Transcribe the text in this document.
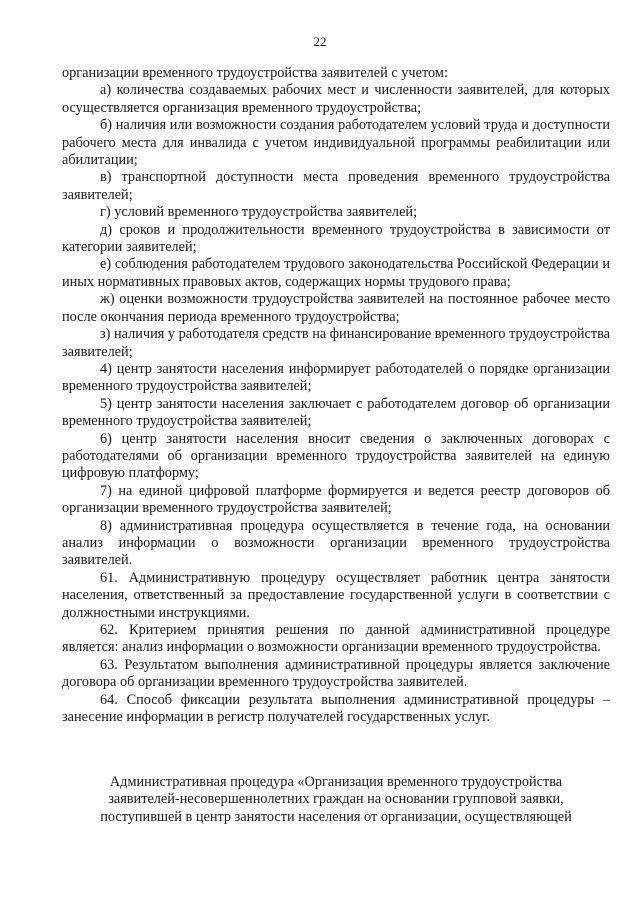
22

организации временного трудоустройства заявителей с учетом:

а) количества создаваемых рабочих мест и численности заявителей, для которых осуществляется организация временного трудоустройства;

б) наличия или возможности создания работодателем условий труда и доступности рабочего места для инвалида с учетом индивидуальной программы реабилитации или абилитации;

в) транспортной доступности места проведения временного трудоустройства заявителей;

г) условий временного трудоустройства заявителей;

д) сроков и продолжительности временного трудоустройства в зависимости от категории заявителей;

е) соблюдения работодателем трудового законодательства Российской Федерации и иных нормативных правовых актов, содержащих нормы трудового права;

ж) оценки возможности трудоустройства заявителей на постоянное рабочее место после окончания периода временного трудоустройства;

з) наличия у работодателя средств на финансирование временного трудоустройства заявителей;

4) центр занятости населения информирует работодателей о порядке организации временного трудоустройства заявителей;

5) центр занятости населения заключает с работодателем договор об организации временного трудоустройства заявителей;

6) центр занятости населения вносит сведения о заключенных договорах с работодателями об организации временного трудоустройства заявителей на единую цифровую платформу;

7) на единой цифровой платформе формируется и ведется реестр договоров об организации временного трудоустройства заявителей;

8) административная процедура осуществляется в течение года, на основании анализ информации о возможности организации временного трудоустройства заявителей.

61. Административную процедуру осуществляет работник центра занятости населения, ответственный за предоставление государственной услуги в соответствии с должностными инструкциями.

62. Критерием принятия решения по данной административной процедуре является: анализ информации о возможности организации временного трудоустройства.

63. Результатом выполнения административной процедуры является заключение договора об организации временного трудоустройства заявителей.

64. Способ фиксации результата выполнения административной процедуры – занесение информации в регистр получателей государственных услуг.

Административная процедура «Организация временного трудоустройства

заявителей-несовершеннолетних граждан на основании групповой заявки,

поступившей в центр занятости населения от организации, осуществляющей
